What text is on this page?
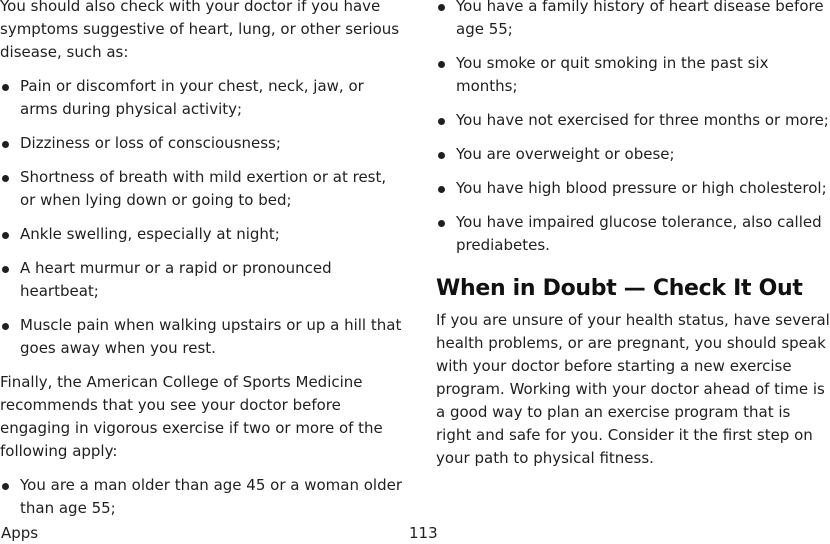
You should also check with your doctor if you have symptoms suggestive of heart, lung, or other serious disease, such as:

Pain or discomfort in your chest, neck, jaw, or arms during physical activity;
Dizziness or loss of consciousness;
Shortness of breath with mild exertion or at rest, or when lying down or going to bed;
Ankle swelling, especially at night;
A heart murmur or a rapid or pronounced heartbeat;
Muscle pain when walking upstairs or up a hill that goes away when you rest.

Finally, the American College of Sports Medicine recommends that you see your doctor before engaging in vigorous exercise if two or more of the following apply:

You are a man older than age 45 or a woman older than age 55;
You have a family history of heart disease before age 55;
You smoke or quit smoking in the past six months;
You have not exercised for three months or more;
You are overweight or obese;
You have high blood pressure or high cholesterol;
You have impaired glucose tolerance, also called prediabetes.
When in Doubt — Check It Out

If you are unsure of your health status, have several health problems, or are pregnant, you should speak with your doctor before starting a new exercise program. Working with your doctor ahead of time is a good way to plan an exercise program that is right and safe for you. Consider it the first step on your path to physical fitness.

Apps	113
